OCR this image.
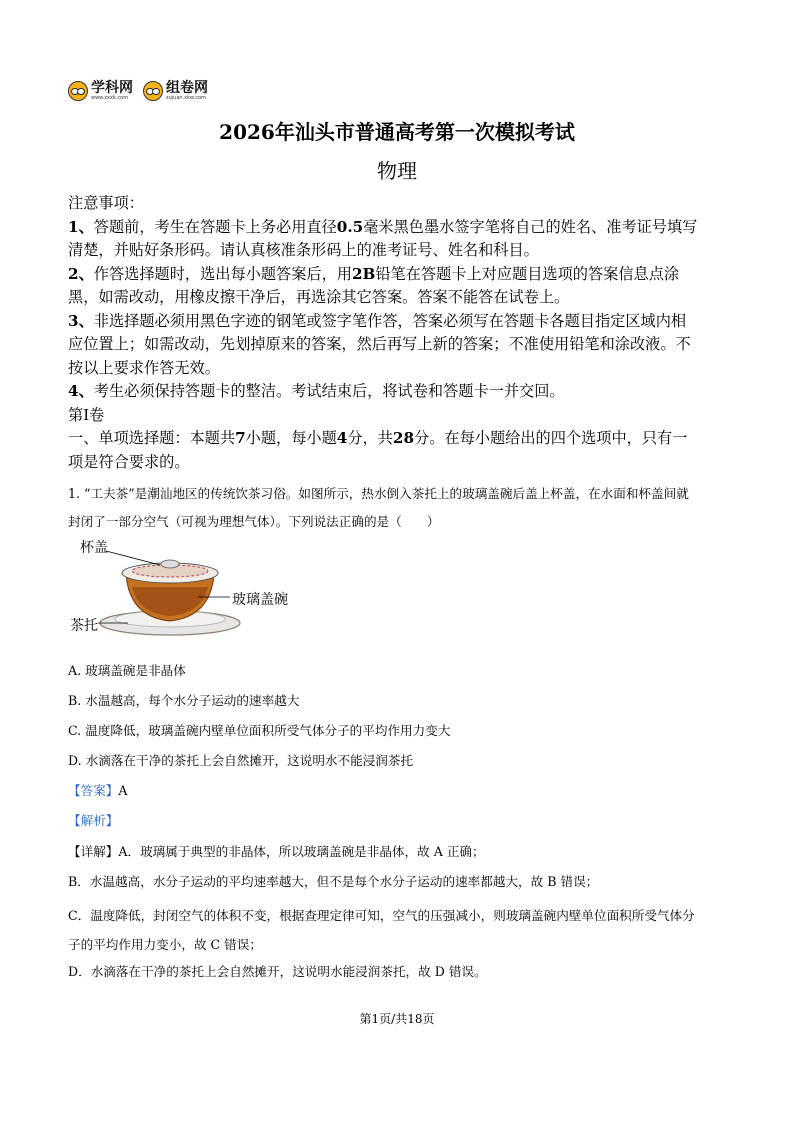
学科网
www.zxxk.com
组卷网
zujuan.xkw.com
2026年汕头市普通高考第一次模拟考试
物理

注意事项：

1、答题前，考生在答题卡上务必用直径0.5毫米黑色墨水签字笔将自己的姓名、准考证号填写清楚，并贴好条形码。请认真核准条形码上的准考证号、姓名和科目。

2、作答选择题时，选出每小题答案后，用2B铅笔在答题卡上对应题目选项的答案信息点涂黑，如需改动，用橡皮擦干净后，再选涂其它答案。答案不能答在试卷上。

3、非选择题必须用黑色字迹的钢笔或签字笔作答，答案必须写在答题卡各题目指定区域内相应位置上；如需改动，先划掉原来的答案，然后再写上新的答案；不准使用铅笔和涂改液。不按以上要求作答无效。

4、考生必须保持答题卡的整洁。考试结束后，将试卷和答题卡一并交回。

第Ⅰ卷

一、单项选择题：本题共7小题，每小题4分，共28分。在每小题给出的四个选项中，只有一项是符合要求的。

1. “工夫茶”是潮汕地区的传统饮茶习俗。如图所示，热水倒入茶托上的玻璃盖碗后盖上杯盖，在水面和杯盖间就封闭了一部分空气（可视为理想气体）。下列说法正确的是（　　）
杯盖
玻璃盖碗
茶托
A. 玻璃盖碗是非晶体
B. 水温越高，每个水分子运动的速率越大
C. 温度降低，玻璃盖碗内壁单位面积所受气体分子的平均作用力变大
D. 水滴落在干净的茶托上会自然摊开，这说明水不能浸润茶托
【答案】A
【解析】
【详解】A．玻璃属于典型的非晶体，所以玻璃盖碗是非晶体，故 A 正确；
B．水温越高，水分子运动的平均速率越大，但不是每个水分子运动的速率都越大，故 B 错误；
C．温度降低，封闭空气的体积不变，根据查理定律可知，空气的压强减小，则玻璃盖碗内壁单位面积所受气体分子的平均作用力变小，故 C 错误；
D．水滴落在干净的茶托上会自然摊开，这说明水能浸润茶托，故 D 错误。
第1页/共18页
